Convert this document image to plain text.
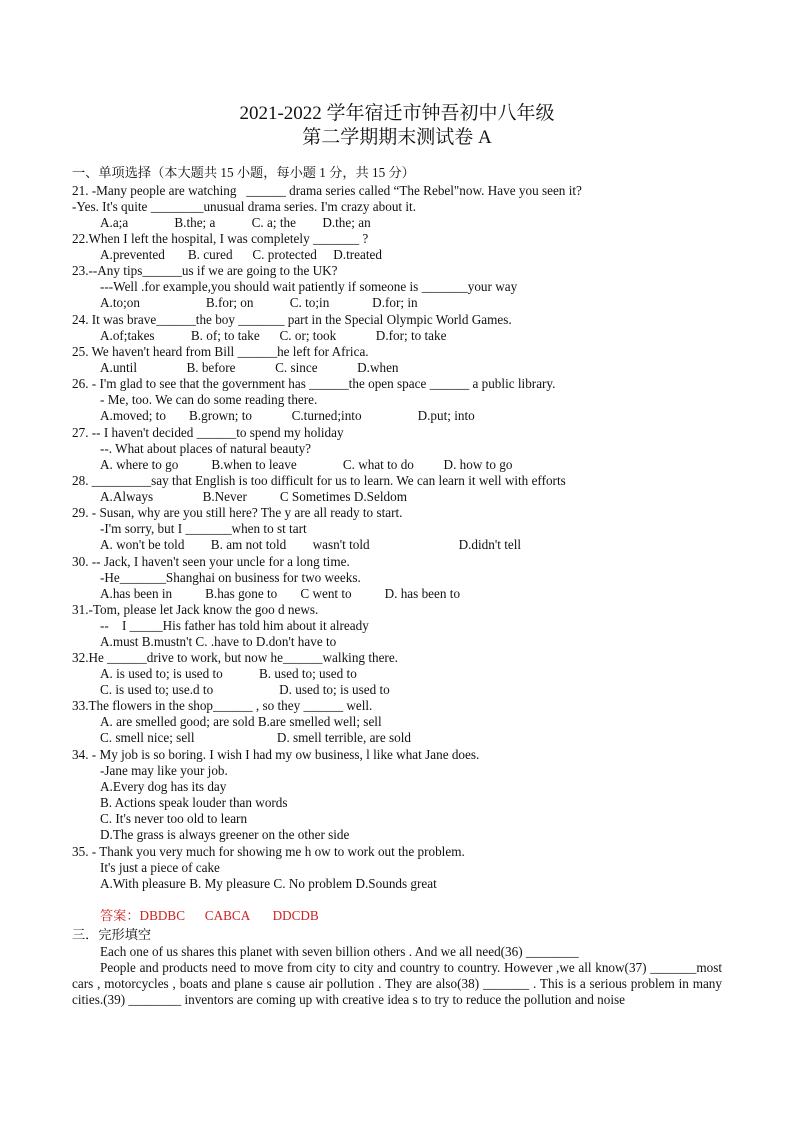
2021-2022 学年宿迁市钟吾初中八年级
第二学期期末测试卷 A
一、单项选择（本大题共 15 小题，每小题 1 分，共 15 分）
21. -Many people are watching   ______ drama series called “The Rebel"now. Have you seen it?
-Yes. It's quite ________unusual drama series. I'm crazy about it.
A.a;a              B.the; a           C. a; the        D.the; an
22.When I left the hospital, I was completely _______ ?
A.prevented       B. cured      C. protected     D.treated
23.--Any tips______us if we are going to the UK?
---Well .for example,you should wait patiently if someone is _______your way
A.to;on                    B.for; on           C. to;in             D.for; in
24. It was brave______the boy _______ part in the Special Olympic World Games.
A.of;takes           B. of; to take      C. or; took            D.for; to take
25. We haven't heard from Bill ______he left for Africa.
A.until               B. before            C. since            D.when
26. - I'm glad to see that the government has ______the open space ______ a public library.
- Me, too. We can do some reading there.
A.moved; to       B.grown; to            C.turned;into                 D.put; into
27. -- I haven't decided ______to spend my holiday
--. What about places of natural beauty?
A. where to go          B.when to leave              C. what to do         D. how to go
28. _________say that English is too difficult for us to learn. We can learn it well with efforts
A.Always               B.Never          C Sometimes D.Seldom
29. - Susan, why are you still here? The y are all ready to start.
-I'm sorry, but I _______when to st tart
A. won't be told        B. am not told        wasn't told                           D.didn't tell
30. -- Jack, I haven't seen your uncle for a long time.
-He_______Shanghai on business for two weeks.
A.has been in          B.has gone to       C went to          D. has been to
31.-Tom, please let Jack know the goo d news.
--    I _____His father has told him about it already
A.must B.mustn't C. .have to D.don't have to
32.He ______drive to work, but now he______walking there.
A. is used to; is used to           B. used to; used to
C. is used to; use.d to                    D. used to; is used to
33.The flowers in the shop______ , so they ______ well.
A. are smelled good; are sold B.are smelled well; sell
C. smell nice; sell                         D. smell terrible, are sold
34. - My job is so boring. I wish I had my ow business, l like what Jane does.
-Jane may like your job.
A.Every dog has its day
B. Actions speak louder than words
C. It's never too old to learn
D.The grass is always greener on the other side
35. - Thank you very much for showing me h ow to work out the problem.
It's just a piece of cake
A.With pleasure B. My pleasure C. No problem D.Sounds great
答案：DBDBC      CABCA       DDCDB
三．完形填空
Each one of us shares this planet with seven billion others . And we all need(36) ________
People and products need to move from city to city and country to country. However ,we all know(37) _______most cars , motorcycles , boats and plane s cause air pollution . They are also(38) _______ . This is a serious problem in many cities.(39) ________ inventors are coming up with creative idea s to try to reduce the pollution and noise
